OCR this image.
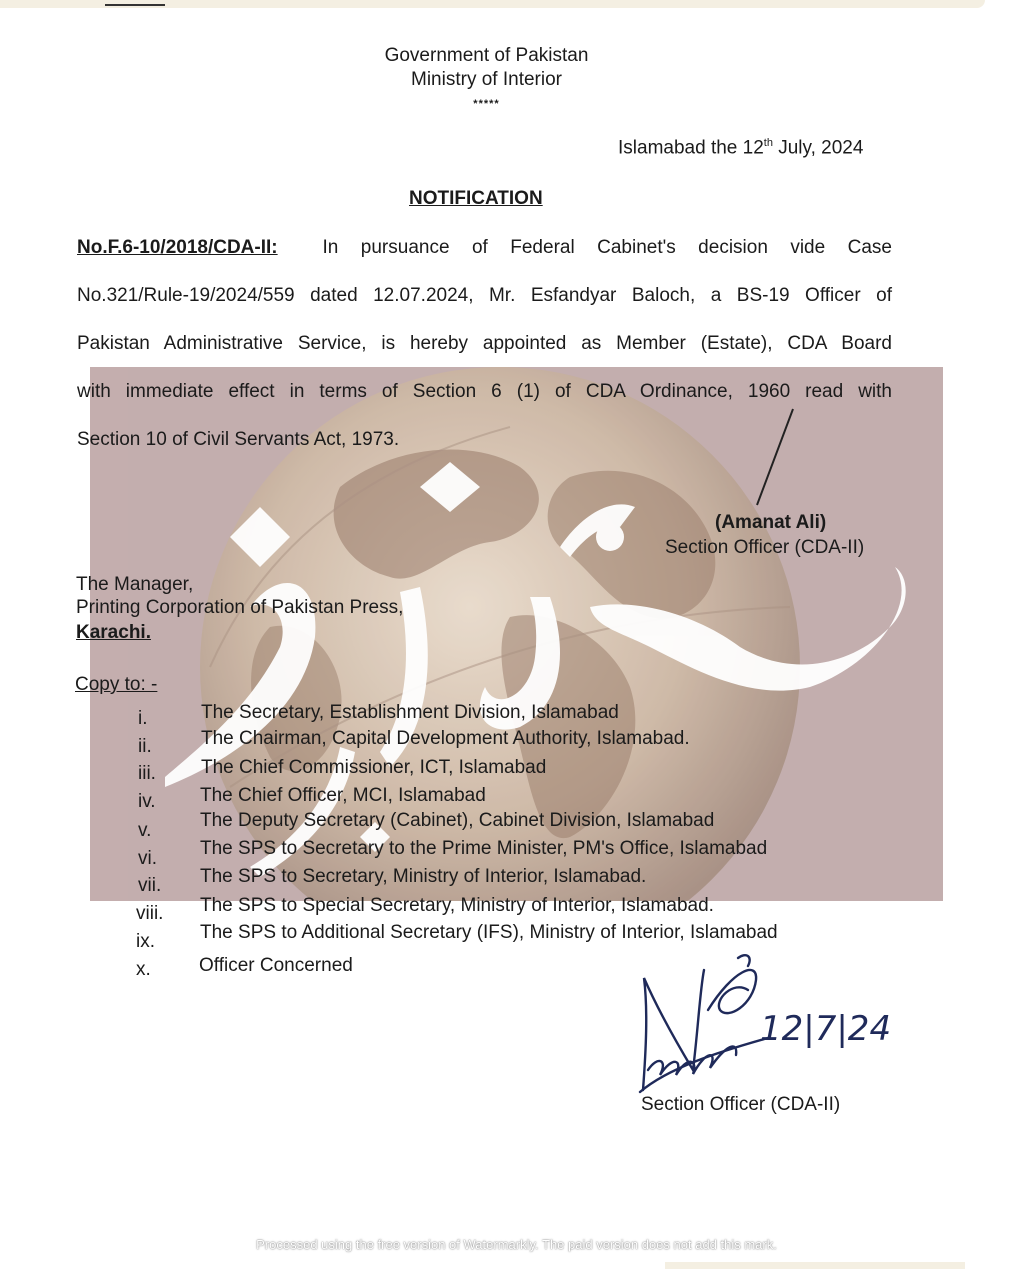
Government of Pakistan
Ministry of Interior
*****
Islamabad the 12th July, 2024
NOTIFICATION
No.F.6-10/2018/CDA-II: In pursuance of Federal Cabinet's decision vide Case
No.321/Rule-19/2024/559 dated 12.07.2024, Mr. Esfandyar Baloch, a BS-19 Officer of
Pakistan Administrative Service, is hereby appointed as Member (Estate), CDA Board
with immediate effect in terms of Section 6 (1) of CDA Ordinance, 1960 read with
Section 10 of Civil Servants Act, 1973.
(Amanat Ali)
Section Officer (CDA-II)
The Manager,
Printing Corporation of Pakistan Press,
Karachi.
Copy to: -
i.	The Secretary, Establishment Division, Islamabad
ii.	The Chairman, Capital Development Authority, Islamabad.
iii.	The Chief Commissioner, ICT, Islamabad
iv.	The Chief Officer, MCI, Islamabad
v.	The Deputy Secretary (Cabinet), Cabinet Division, Islamabad
vi.	The SPS to Secretary to the Prime Minister, PM's Office, Islamabad
vii.	The SPS to Secretary, Ministry of Interior, Islamabad.
viii.	The SPS to Special Secretary, Ministry of Interior, Islamabad.
ix.	The SPS to Additional Secretary (IFS), Ministry of Interior, Islamabad
x.	Officer Concerned
12|7|24
Section Officer (CDA-II)
Processed using the free version of Watermarkly. The paid version does not add this mark.
